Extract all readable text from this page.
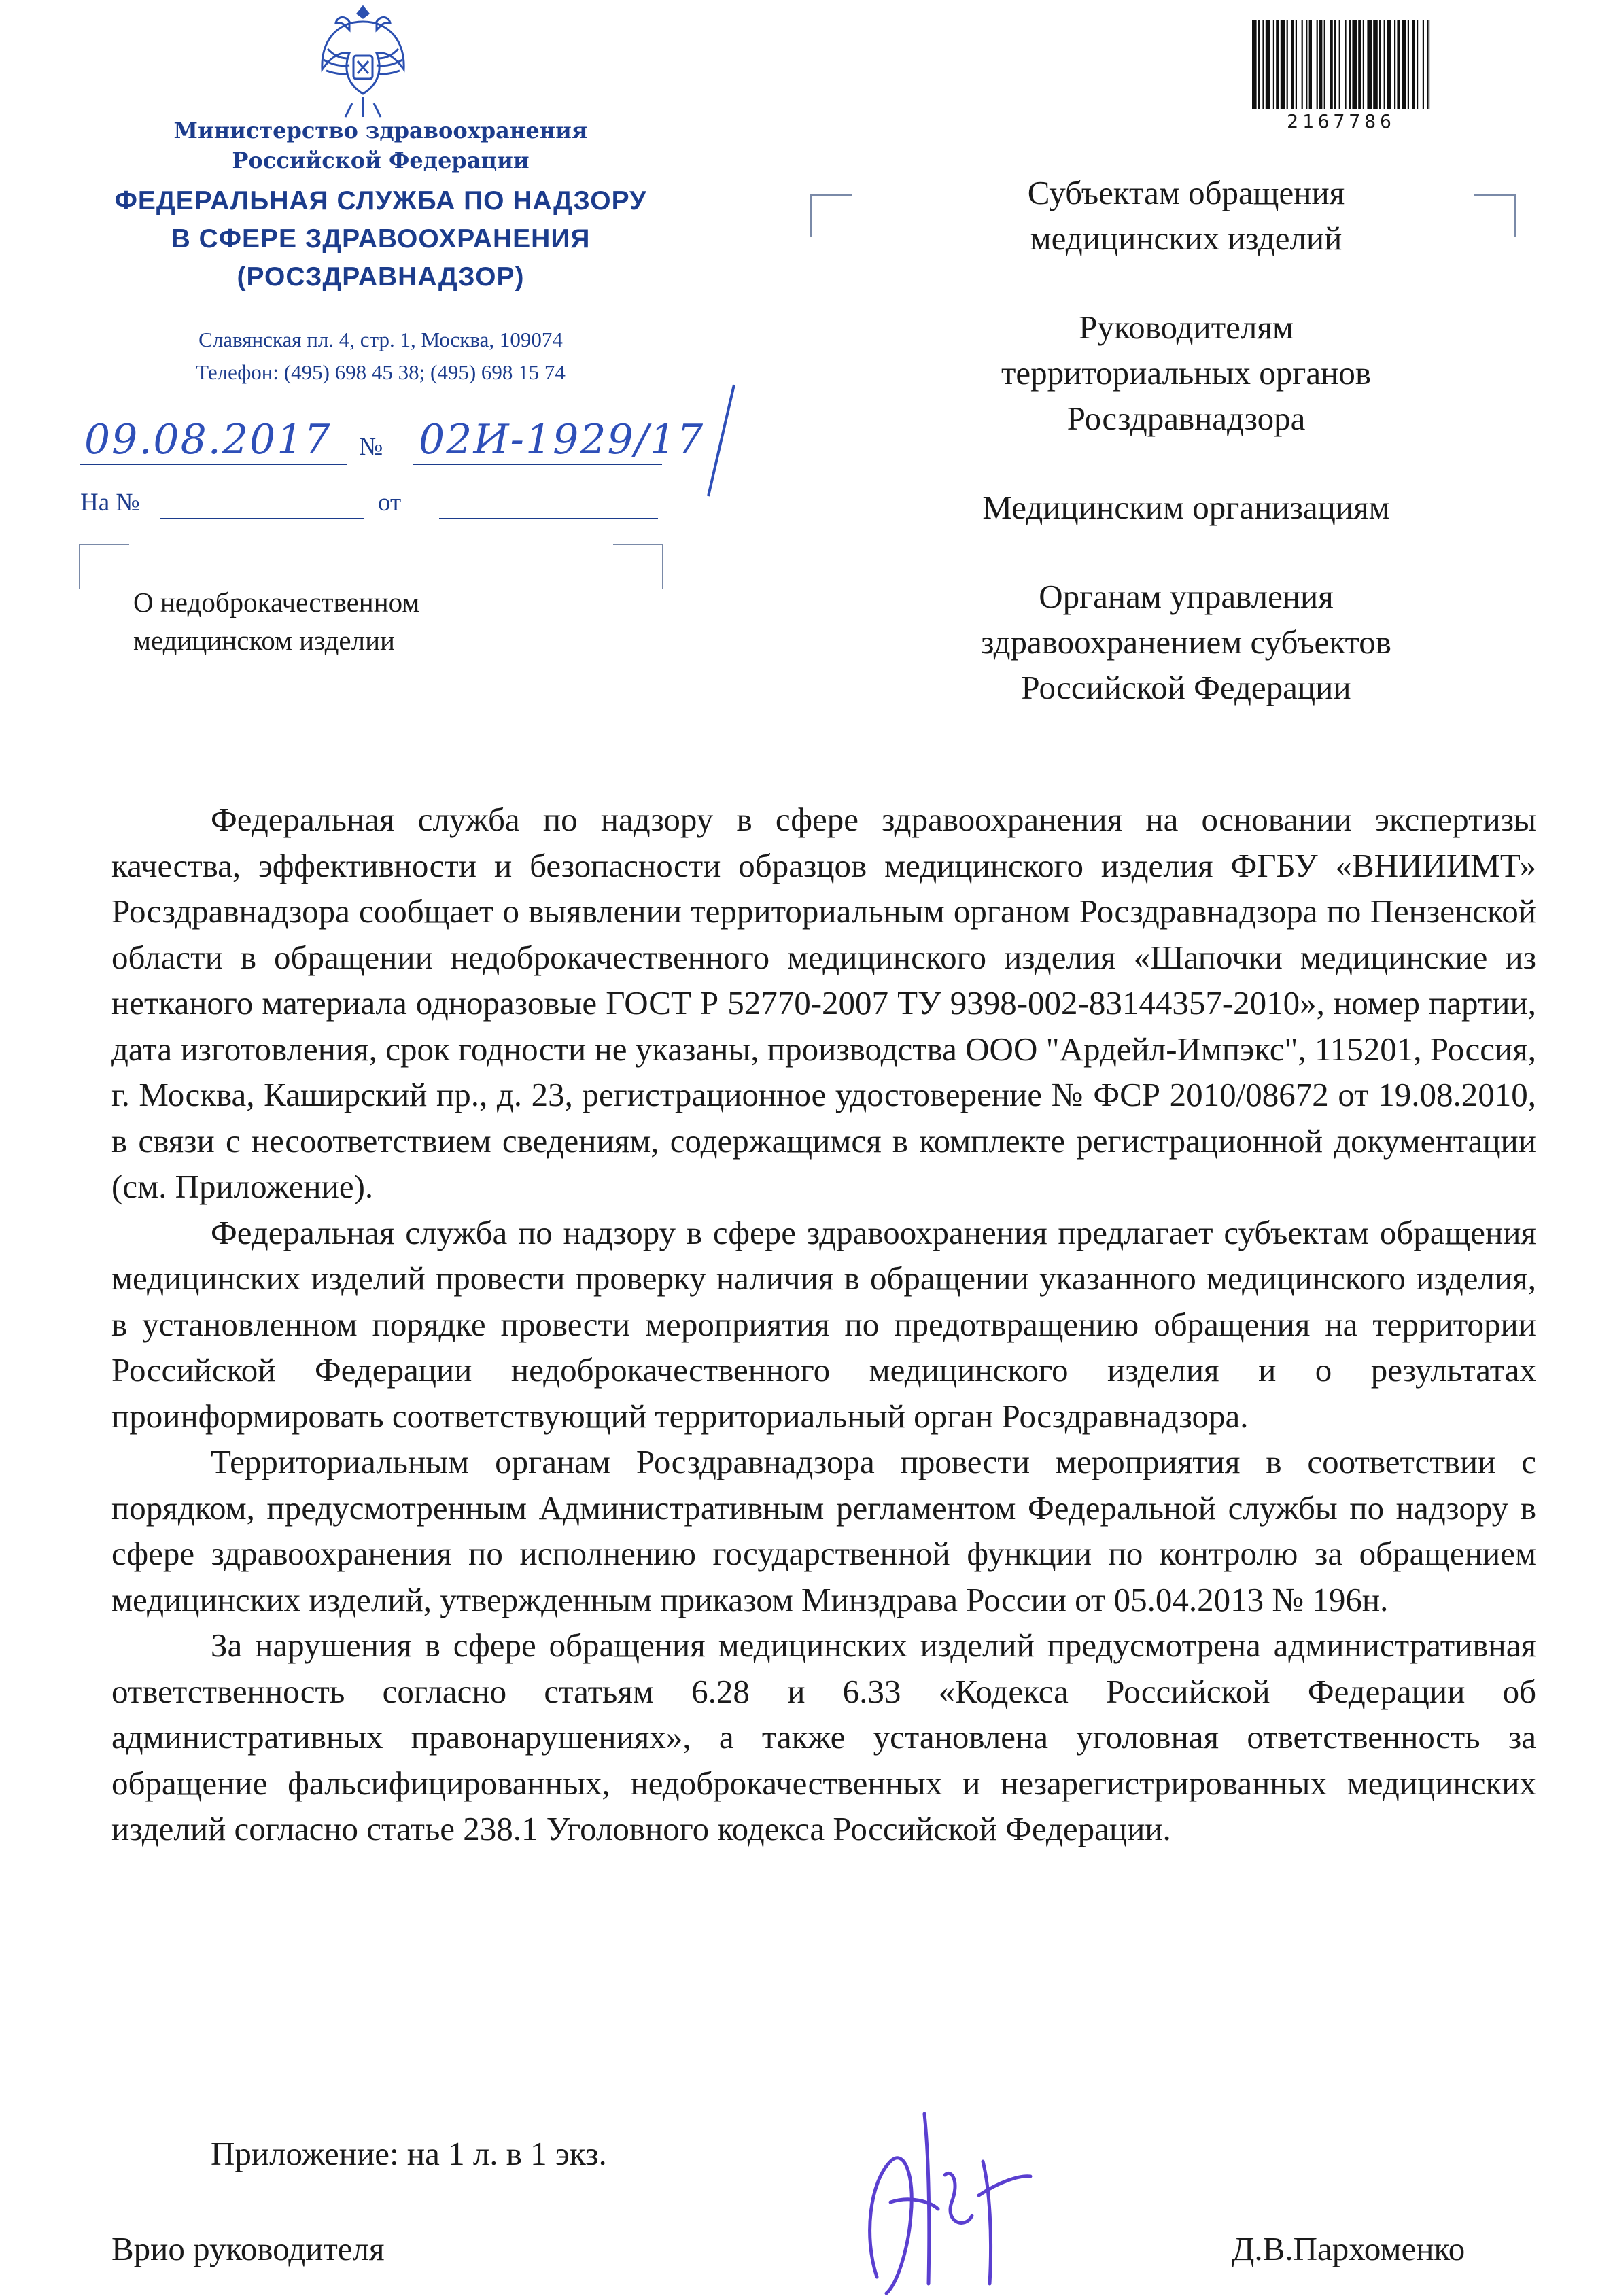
Министерство здравоохранения
Российской Федерации
ФЕДЕРАЛЬНАЯ СЛУЖБА ПО НАДЗОРУ
В СФЕРЕ ЗДРАВООХРАНЕНИЯ
(РОСЗДРАВНАДЗОР)
Славянская пл. 4, стр. 1, Москва, 109074
Телефон: (495) 698 45 38; (495) 698 15 74
09.08.2017 № 02И-1929/17
На №	от
О недоброкачественном
медицинском изделии
2167786
Субъектам обращения
медицинских изделий
Руководителям
территориальных органов
Росздравнадзора
Медицинским организациям
Органам управления
здравоохранением субъектов
Российской Федерации

Федеральная служба по надзору в сфере здравоохранения на основании экспертизы качества, эффективности и безопасности образцов медицинского изделия ФГБУ «ВНИИИМТ» Росздравнадзора сообщает о выявлении территориальным органом Росздравнадзора по Пензенской области в обращении недоброкачественного медицинского изделия «Шапочки медицинские из нетканого материала одноразовые ГОСТ Р 52770-2007 ТУ 9398-002-83144357-2010», номер партии, дата изготовления, срок годности не указаны, производства ООО "Ардейл-Импэкс", 115201, Россия, г. Москва, Каширский пр., д. 23, регистрационное удостоверение № ФСР 2010/08672 от 19.08.2010, в связи с несоответствием сведениям, содержащимся в комплекте регистрационной документации (см. Приложение).

Федеральная служба по надзору в сфере здравоохранения предлагает субъектам обращения медицинских изделий провести проверку наличия в обращении указанного медицинского изделия, в установленном порядке провести мероприятия по предотвращению обращения на территории Российской Федерации недоброкачественного медицинского изделия и о результатах проинформировать соответствующий территориальный орган Росздравнадзора.

Территориальным органам Росздравнадзора провести мероприятия в соответствии с порядком, предусмотренным Административным регламентом Федеральной службы по надзору в сфере здравоохранения по исполнению государственной функции по контролю за обращением медицинских изделий, утвержденным приказом Минздрава России от 05.04.2013 № 196н.

За нарушения в сфере обращения медицинских изделий предусмотрена административная ответственность согласно статьям 6.28 и 6.33 «Кодекса Российской Федерации об административных правонарушениях», а также установлена уголовная ответственность за обращение фальсифицированных, недоброкачественных и незарегистрированных медицинских изделий согласно статье 238.1 Уголовного кодекса Российской Федерации.

Приложение: на 1 л. в 1 экз.
Врио руководителя	Д.В.Пархоменко
